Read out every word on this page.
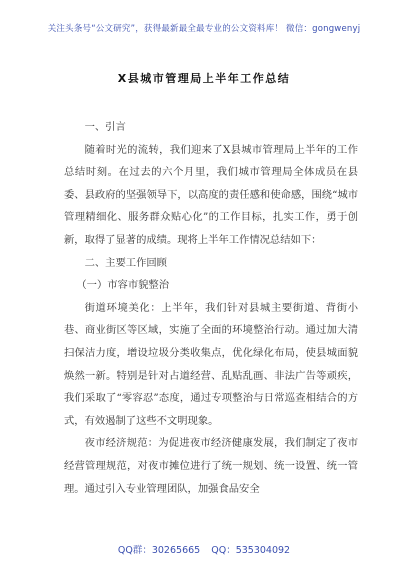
关注头条号“公文研究”，获得最新最全最专业的公文资料库！ 微信：gongwenyj
X县城市管理局上半年工作总结

一、引言

随着时光的流转，我们迎来了X县城市管理局上半年的工作总结时刻。在过去的六个月里，我们城市管理局全体成员在县委、县政府的坚强领导下，以高度的责任感和使命感，围绕“城市管理精细化、服务群众贴心化”的工作目标，扎实工作，勇于创新，取得了显著的成绩。现将上半年工作情况总结如下：

二、主要工作回顾

（一）市容市貌整治

街道环境美化：上半年，我们针对县城主要街道、背街小巷、商业街区等区域，实施了全面的环境整治行动。通过加大清扫保洁力度，增设垃圾分类收集点，优化绿化布局，使县城面貌焕然一新。特别是针对占道经营、乱贴乱画、非法广告等顽疾，我们采取了“零容忍”态度，通过专项整治与日常巡查相结合的方式，有效遏制了这些不文明现象。

夜市经济规范：为促进夜市经济健康发展，我们制定了夜市经营管理规范，对夜市摊位进行了统一规划、统一设置、统一管理。通过引入专业管理团队，加强食品安全

QQ群：30265665 QQ：535304092
